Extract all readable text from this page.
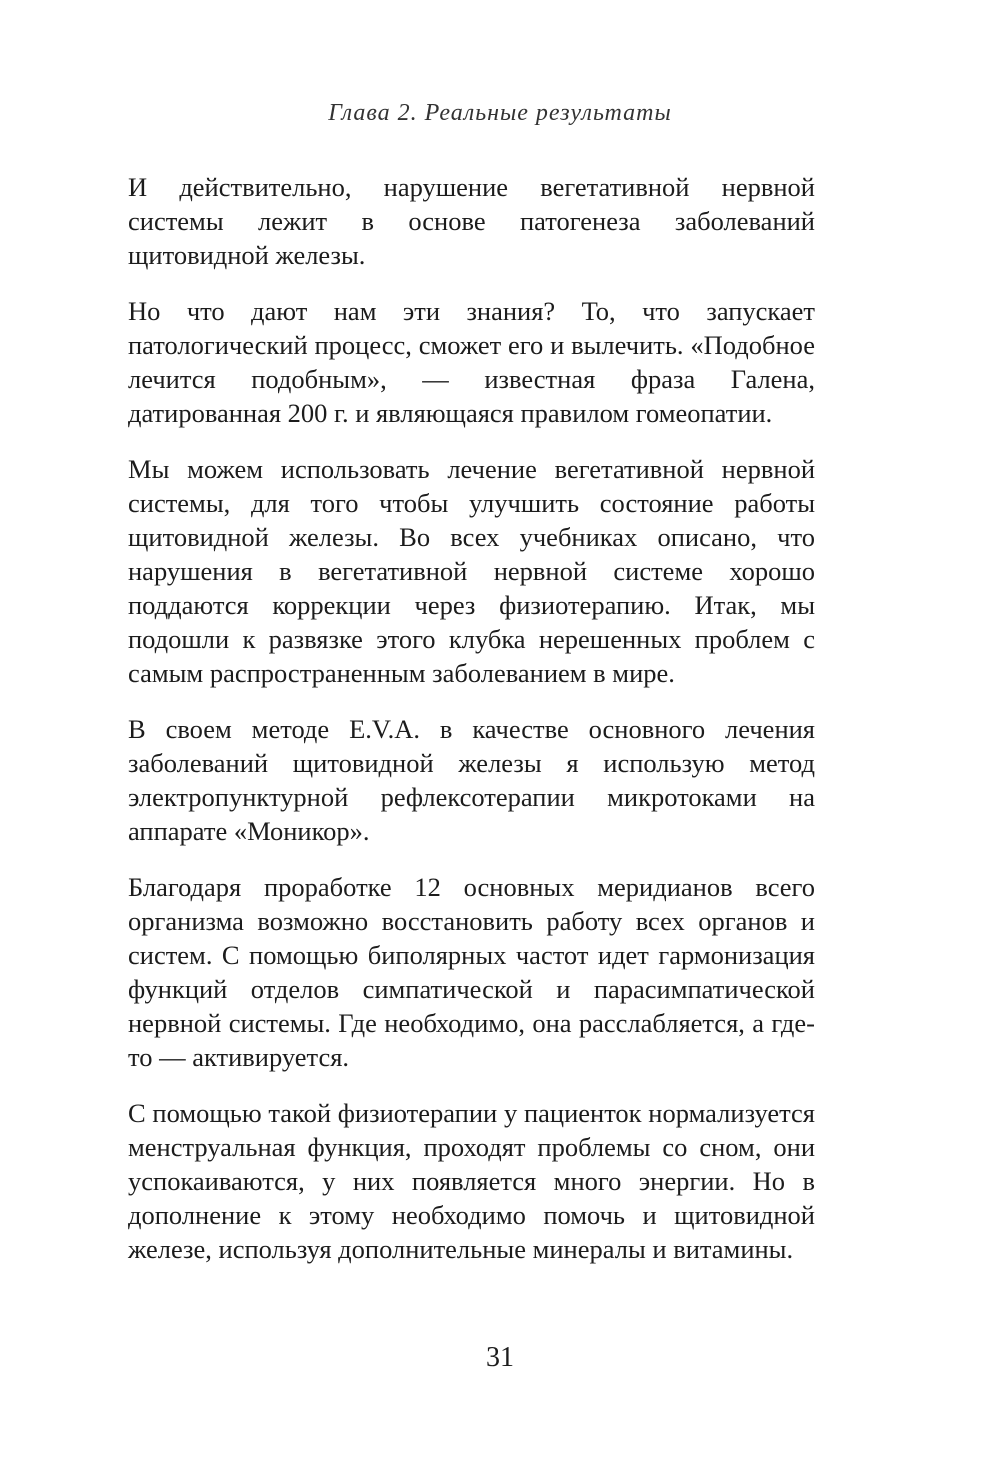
Глава 2. Реальные результаты

И действительно, нарушение вегетативной нервной системы лежит в основе патогенеза заболеваний щитовидной железы.

Но что дают нам эти знания? То, что запускает патологический процесс, сможет его и вылечить. «Подобное лечится подобным», — известная фраза Галена, датированная 200 г. и являющаяся правилом гомеопатии.

Мы можем использовать лечение вегетативной нервной системы, для того чтобы улучшить состояние работы щитовидной железы. Во всех учебниках описано, что нарушения в вегетативной нервной системе хорошо поддаются коррекции через физиотерапию. Итак, мы подошли к развязке этого клубка нерешенных проблем с самым распространенным заболеванием в мире.

В своем методе E.V.A. в качестве основного лечения заболеваний щитовидной железы я использую метод электропунктурной рефлексотерапии микротоками на аппарате «Моникор».

Благодаря проработке 12 основных меридианов всего организма возможно восстановить работу всех органов и систем. С помощью биполярных частот идет гармонизация функций отделов симпатической и парасимпатической нервной системы. Где необходимо, она расслабляется, а где-то — активируется.

С помощью такой физиотерапии у пациенток нормализуется менструальная функция, проходят проблемы со сном, они успокаиваются, у них появляется много энергии. Но в дополнение к этому необходимо помочь и щитовидной железе, используя дополнительные минералы и витамины.

31
